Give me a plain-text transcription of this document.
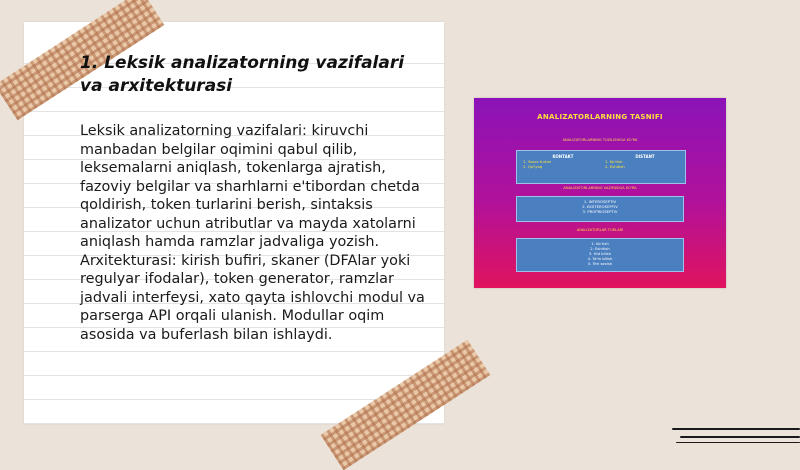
1. Leksik analizatorning vazifalari va arxitekturasi

Leksik analizatorning vazifalari: kiruvchi manbadan belgilar oqimini qabul qilib, leksemalarni aniqlash, tokenlarga ajratish, fazoviy belgilar va sharhlarni e'tibordan chetda qoldirish, token turlarini berish, sintaksis analizator uchun atributlar va mayda xatolarni aniqlash hamda ramzlar jadvaliga yozish. Arxitekturasi: kirish bufiri, skaner (DFAlar yoki regulyar ifodalar), token generator, ramzlar jadvali interfeysi, xato qayta ishlovchi modul va parserga API orqali ulanish. Modullar oqim asosida va buferlash bilan ishlaydi.

ANALIZATORLARNING TASNIFI
ANALIZATORLARNING TUZILISHIGA KO'RA
KONTAKT
1. Yozuv turlari
2. Qo'lyoq
DISTANT
1. Ko'rish
2. Eshitish
ANALIZATORLARNING VAZIFASIGA KO'RA
1. INTEROSEPTIV
2. EKSTEROSEPTIV
3. PROPRIOSEPTIV
ANALIZATORLAR TURLARI
1. Ko'rish
2. Eshitish
3. Hid bilish
4. Ta'm bilish
5. Teri sezish
